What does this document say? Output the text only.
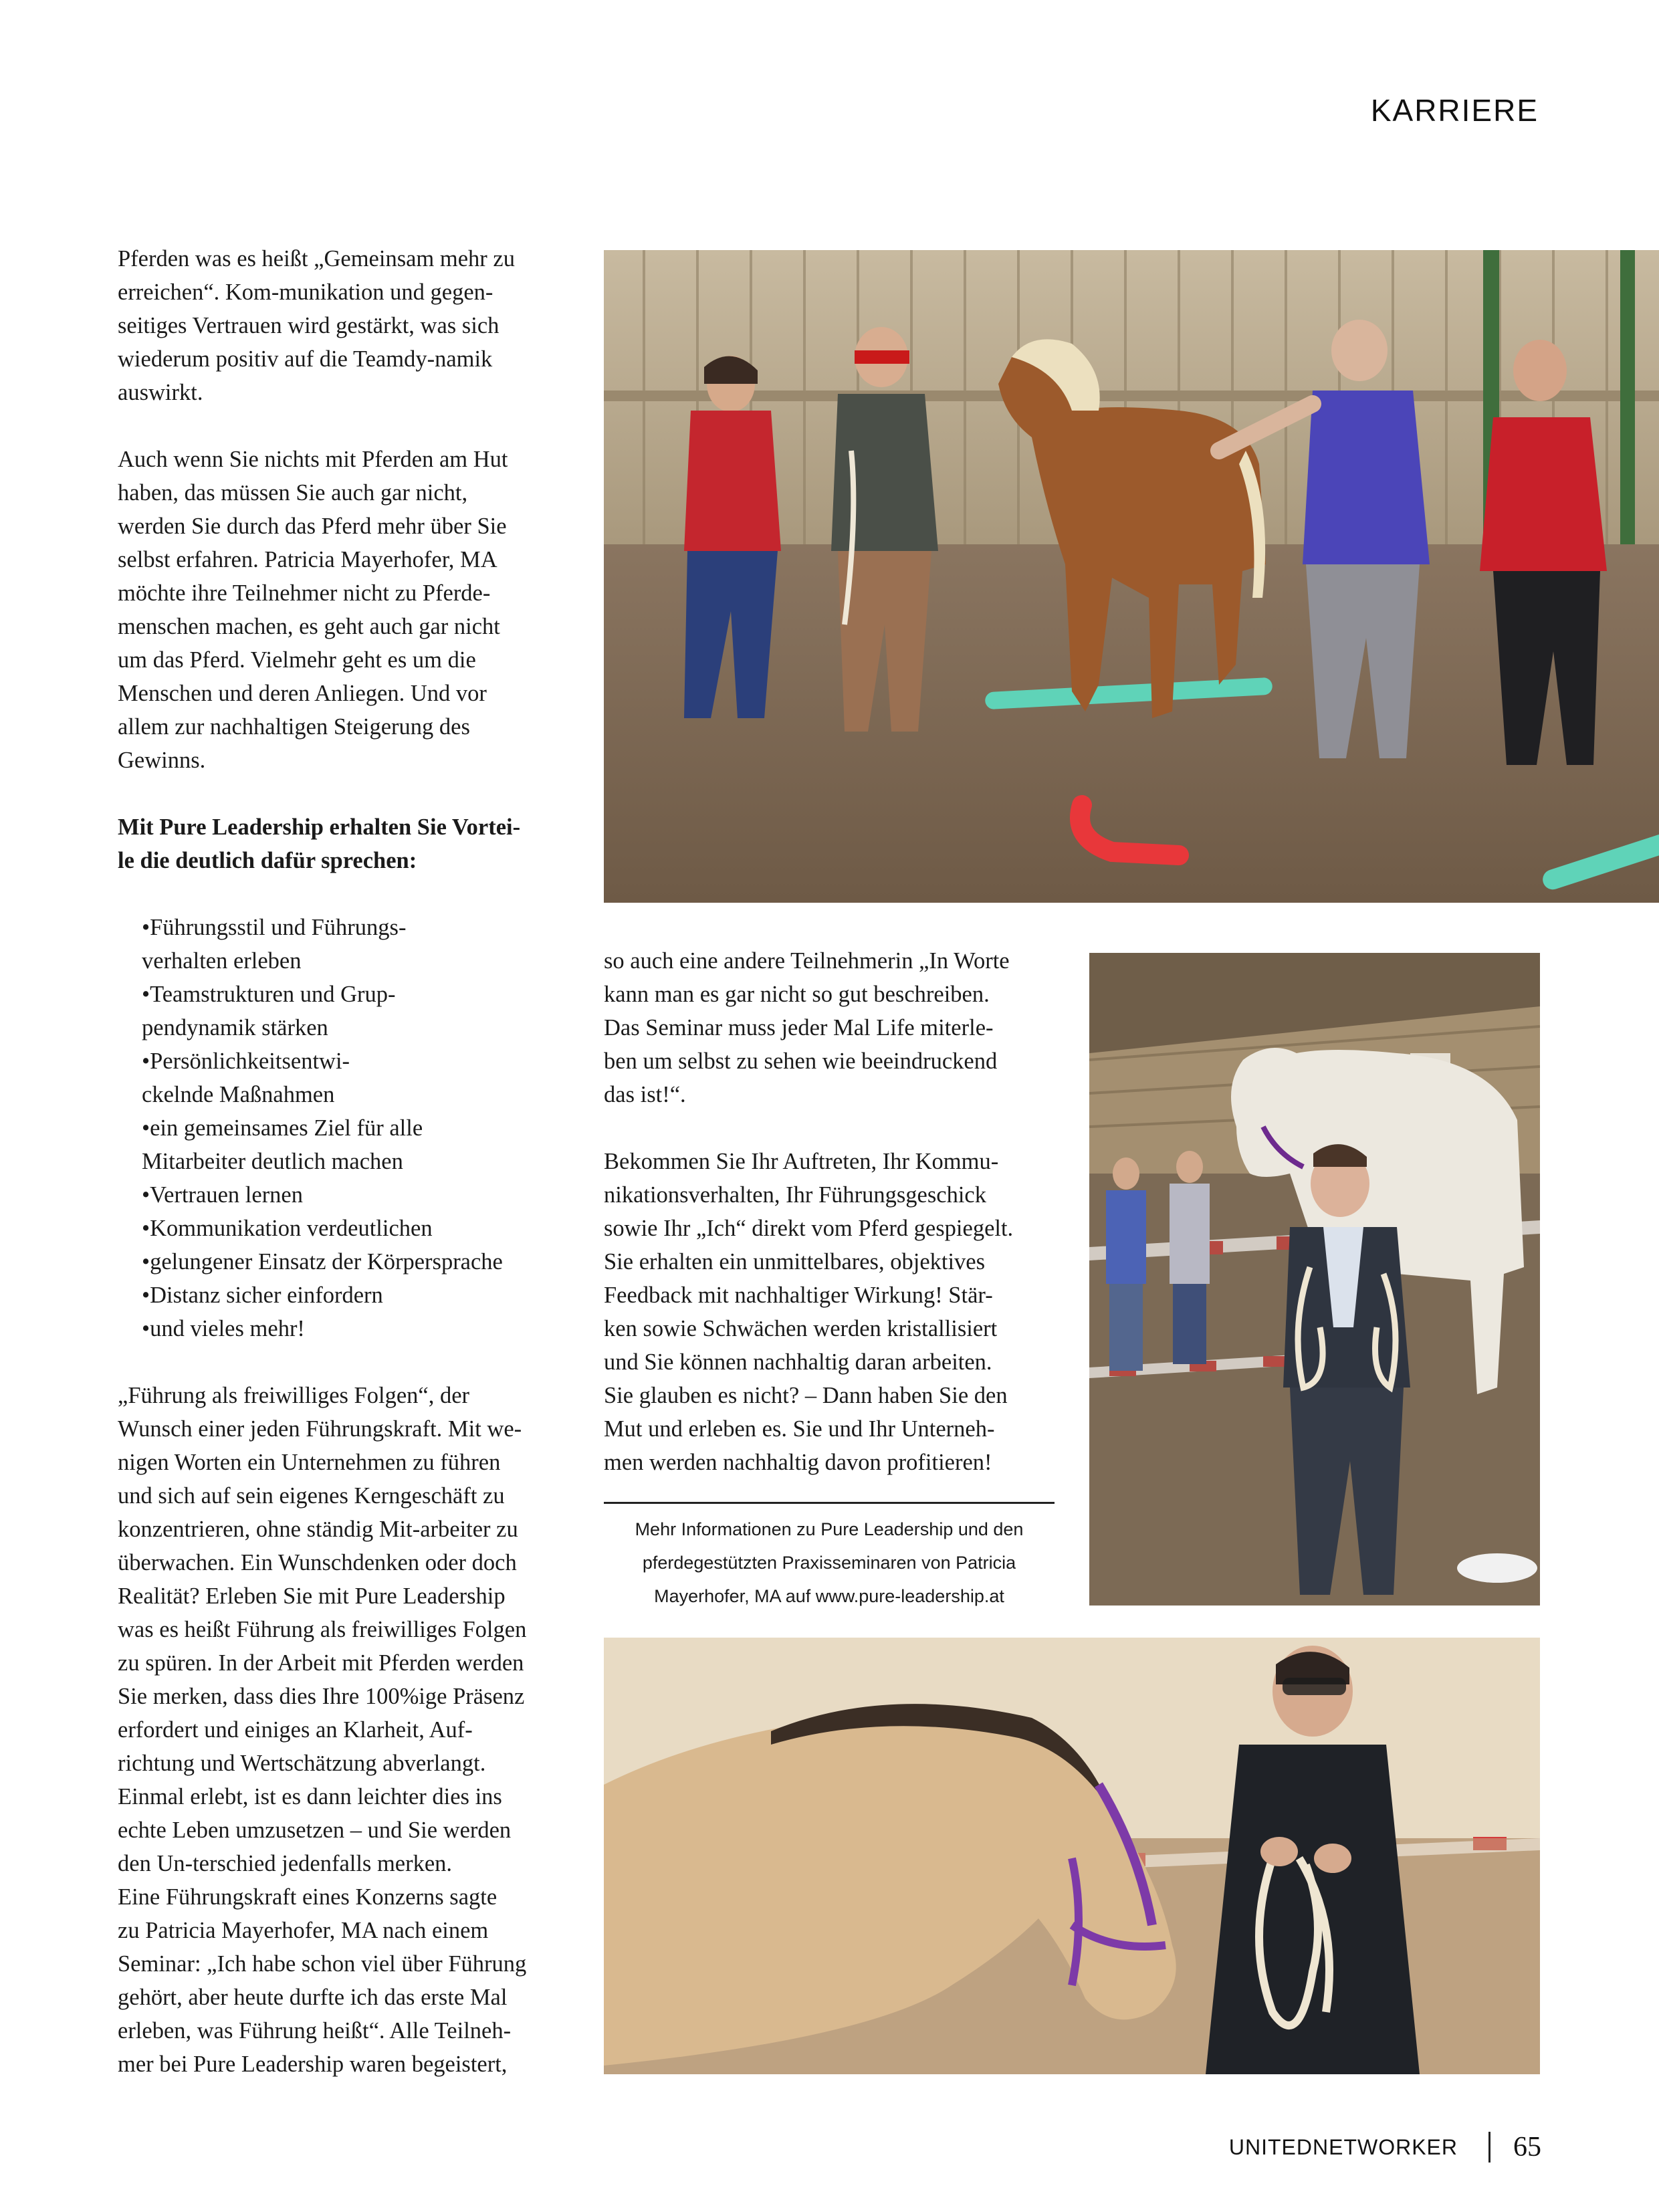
KARRIERE

Pferden was es heißt „Gemeinsam mehr zu
erreichen“. Kom-munikation und gegen-
seitiges Vertrauen wird gestärkt, was sich
wiederum positiv auf die Teamdy-namik
auswirkt.

Auch wenn Sie nichts mit Pferden am Hut
haben, das müssen Sie auch gar nicht,
werden Sie durch das Pferd mehr über Sie
selbst erfahren. Patricia Mayerhofer, MA
möchte ihre Teilnehmer nicht zu Pferde-
menschen machen, es geht auch gar nicht
um das Pferd. Vielmehr geht es um die
Menschen und deren Anliegen. Und vor
allem zur nachhaltigen Steigerung des
Gewinns.

Mit Pure Leadership erhalten Sie Vortei-
le die deutlich dafür sprechen:

•Führungsstil und Führungs-
verhalten erleben
•Teamstrukturen und Grup-
pendynamik stärken
•Persönlichkeitsentwi-
ckelnde Maßnahmen
•ein gemeinsames Ziel für alle
Mitarbeiter deutlich machen
•Vertrauen lernen
•Kommunikation verdeutlichen
•gelungener Einsatz der Körpersprache
•Distanz sicher einfordern
•und vieles mehr!

„Führung als freiwilliges Folgen“, der
Wunsch einer jeden Führungskraft. Mit we-
nigen Worten ein Unternehmen zu führen
und sich auf sein eigenes Kerngeschäft zu
konzentrieren, ohne ständig Mit-arbeiter zu
überwachen. Ein Wunschdenken oder doch
Realität? Erleben Sie mit Pure Leadership
was es heißt Führung als freiwilliges Folgen
zu spüren. In der Arbeit mit Pferden werden
Sie merken, dass dies Ihre 100%ige Präsenz
erfordert und einiges an Klarheit, Auf-
richtung und Wertschätzung abverlangt.
Einmal erlebt, ist es dann leichter dies ins
echte Leben umzusetzen – und Sie werden
den Un-terschied jedenfalls merken.
Eine Führungskraft eines Konzerns sagte
zu Patricia Mayerhofer, MA nach einem
Seminar: „Ich habe schon viel über Führung
gehört, aber heute durfte ich das erste Mal
erleben, was Führung heißt“. Alle Teilneh-
mer bei Pure Leadership waren begeistert,

so auch eine andere Teilnehmerin „In Worte
kann man es gar nicht so gut beschreiben.
Das Seminar muss jeder Mal Life miterle-
ben um selbst zu sehen wie beeindruckend
das ist!“.

Bekommen Sie Ihr Auftreten, Ihr Kommu-
nikationsverhalten, Ihr Führungsgeschick
sowie Ihr „Ich“ direkt vom Pferd gespiegelt.
Sie erhalten ein unmittelbares, objektives
Feedback mit nachhaltiger Wirkung! Stär-
ken sowie Schwächen werden kristallisiert
und Sie können nachhaltig daran arbeiten.
Sie glauben es nicht? – Dann haben Sie den
Mut und erleben es. Sie und Ihr Unterneh-
men werden nachhaltig davon profitieren!

Mehr Informationen zu Pure Leadership und den
pferdegestützten Praxisseminaren von Patricia
Mayerhofer, MA auf www.pure-leadership.at
UNITEDNETWORKER 65
